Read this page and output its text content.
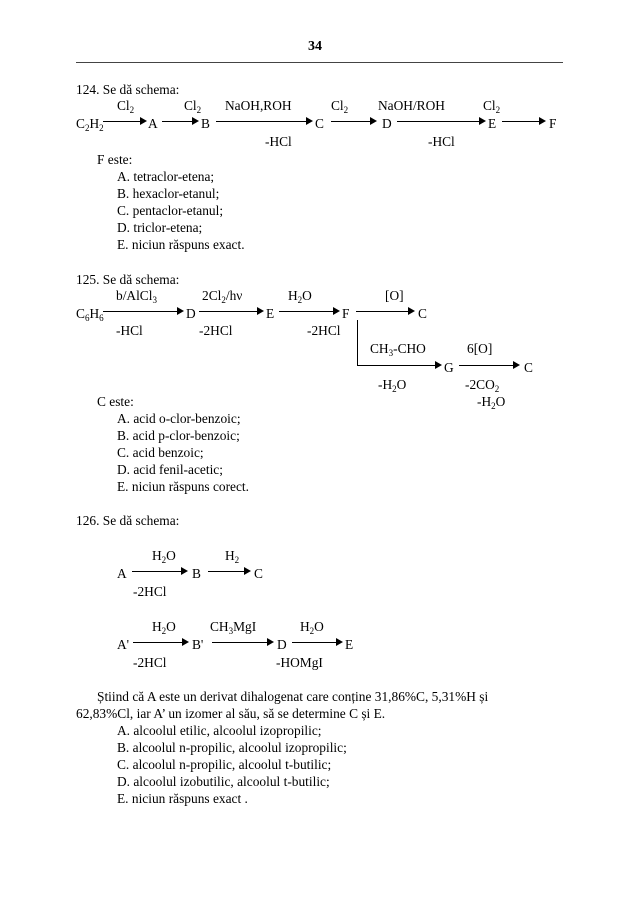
34
124. Se dă schema:
$Cl_2$	$Cl_2$ NaOH,ROH	$Cl_2$ NaOH/ROH	$Cl_2$
$C_2H_2$	A	B	C	D	E	F
-HCl	-HCl
F este:
A. tetraclor-etena;
B. hexaclor-etanul;
C. pentaclor-etanul;
D. triclor-etena;
E. niciun răspuns exact.
125. Se dă schema:
b/AlCl$_3$	$2Cl_2/h\nu$	$H_2O$	[O]
$C_6H_6$	D	E	F	C
-HCl	-2HCl	-2HCl
$CH_3$-CHO	6[O]
G	C
$-H_2O$	$-2CO_2$
C este:	$-H_2O$
A. acid o-clor-benzoic;
B. acid p-clor-benzoic;
C. acid benzoic;
D. acid fenil-acetic;
E. niciun răspuns corect.
126. Se dă schema:
$H_2O$	$H_2$
A	B	C
-2HCl
$H_2O$	$CH_3MgI$	$H_2O$
A'	B'	D	E
-2HCl	-HOMgI
Știind că A este un derivat dihalogenat care conține 31,86%C, 5,31%H și
62,83%Cl, iar A’ un izomer al său, să se determine C și E.
A. alcoolul etilic, alcoolul izopropilic;
B. alcoolul n-propilic, alcoolul izopropilic;
C. alcoolul n-propilic, alcoolul t-butilic;
D. alcoolul izobutilic, alcoolul t-butilic;
E. niciun răspuns exact .
